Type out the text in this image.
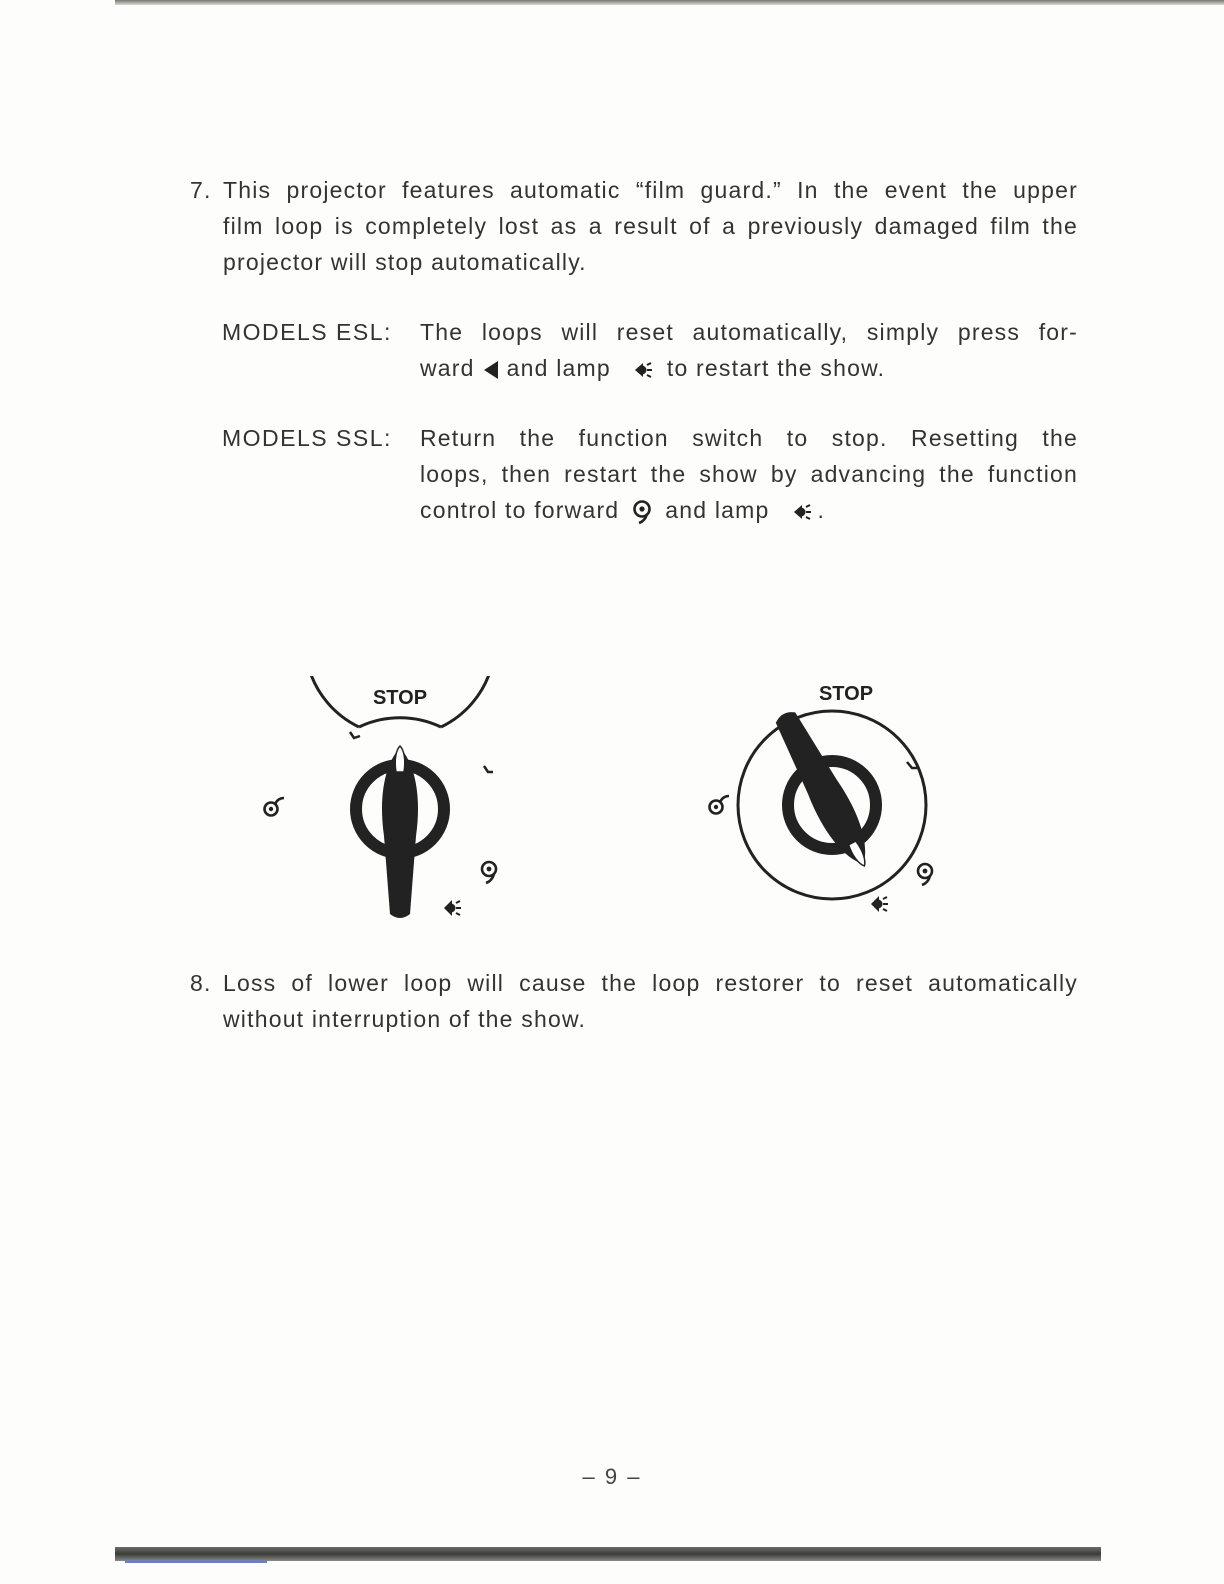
7. This projector features automatic “film guard.” In the event the upper
film loop is completely lost as a result of a previously damaged film the
projector will stop automatically.
MODELS ESL: The loops will reset automatically, simply press for-
ward and lamp to restart the show.
MODELS SSL: Return the function switch to stop. Resetting the
loops, then restart the show by advancing the function
control to forward and lamp .
STOP	STOP
8. Loss of lower loop will cause the loop restorer to reset automatically
without interruption of the show.
– 9 –
